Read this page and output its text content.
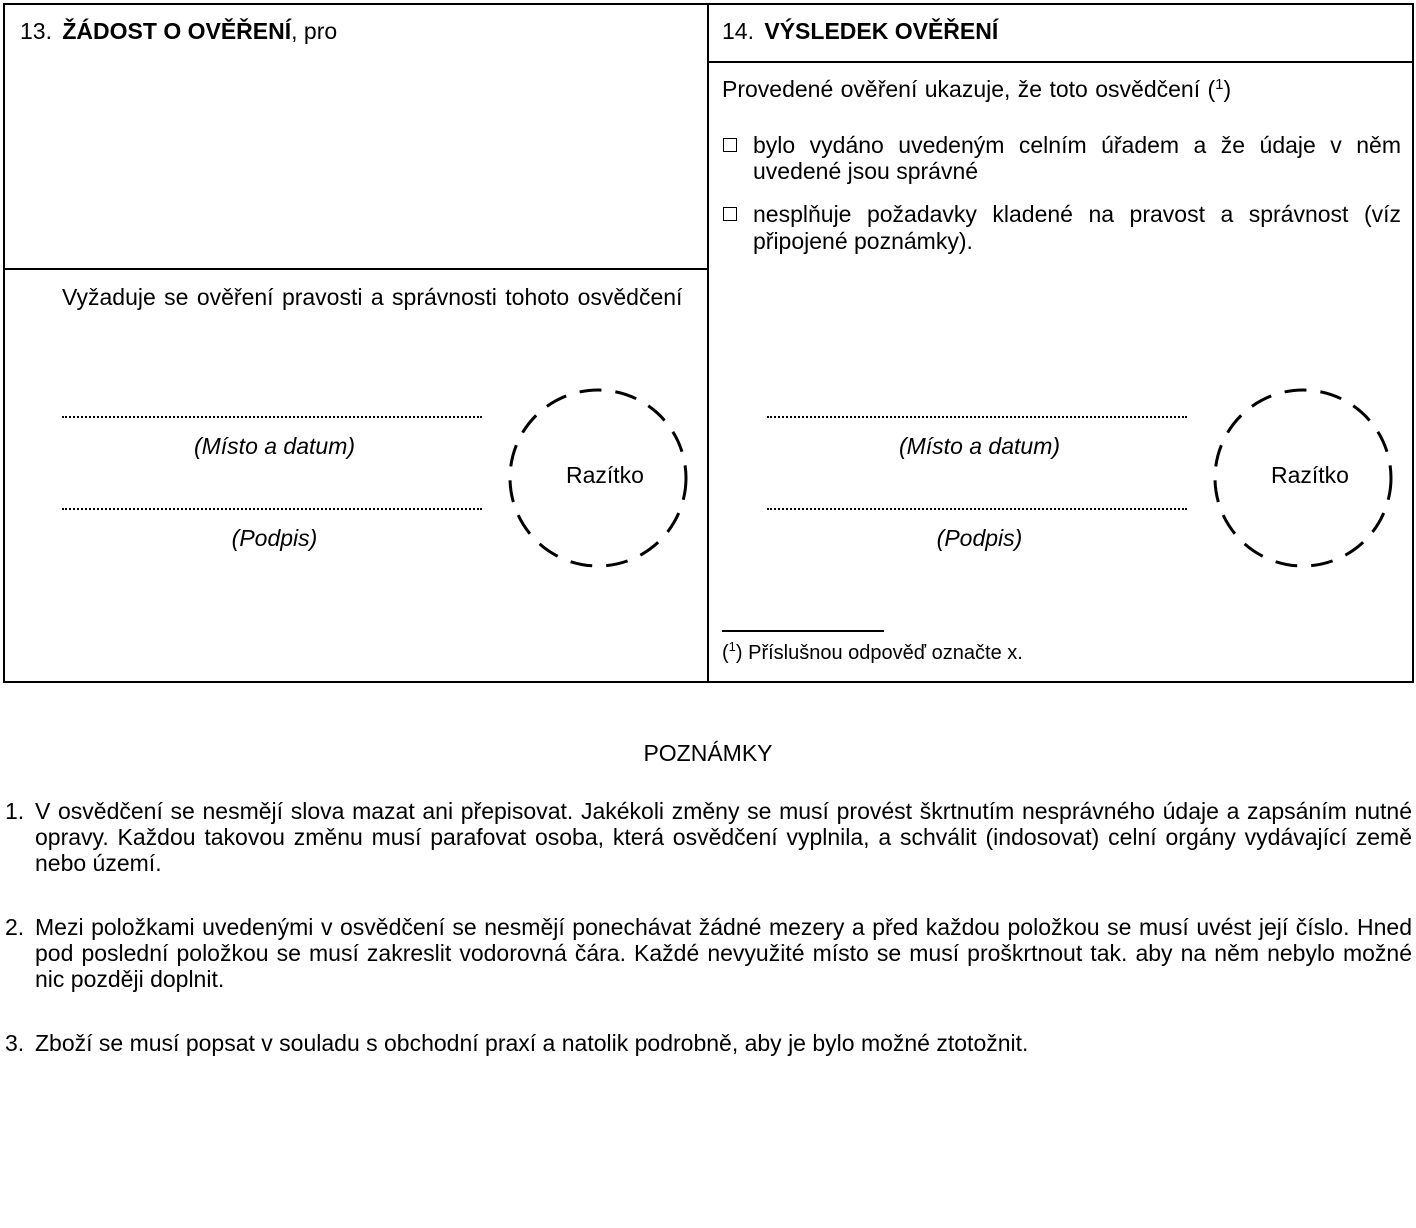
13. ŽÁDOST O OVĚŘENÍ, pro
Vyžaduje se ověření pravosti a správnosti tohoto osvědčení
(Místo a datum)
(Podpis)
Razítko
14. VÝSLEDEK OVĚŘENÍ
Provedené ověření ukazuje, že toto osvědčení ($^1$)
bylo vydáno uvedeným celním úřadem a že údaje v něm
uvedené jsou správné
nesplňuje požadavky kladené na pravost a správnost (víz
připojené poznámky).
(Místo a datum)
(Podpis)
Razítko
($^1$) Příslušnou odpověď označte x.
POZNÁMKY
1. V osvědčení se nesmějí slova mazat ani přepisovat. Jakékoli změny se musí provést škrtnutím nesprávného údaje a zapsáním nutné opravy. Každou takovou změnu musí parafovat osoba, která osvědčení vyplnila, a schválit (indosovat) celní orgány vydávající země nebo území.
2. Mezi položkami uvedenými v osvědčení se nesmějí ponechávat žádné mezery a před každou položkou se musí uvést její číslo. Hned pod poslední položkou se musí zakreslit vodorovná čára. Každé nevyužité místo se musí proškrtnout tak. aby na něm nebylo možné nic později doplnit.
3. Zboží se musí popsat v souladu s obchodní praxí a natolik podrobně, aby je bylo možné ztotožnit.
